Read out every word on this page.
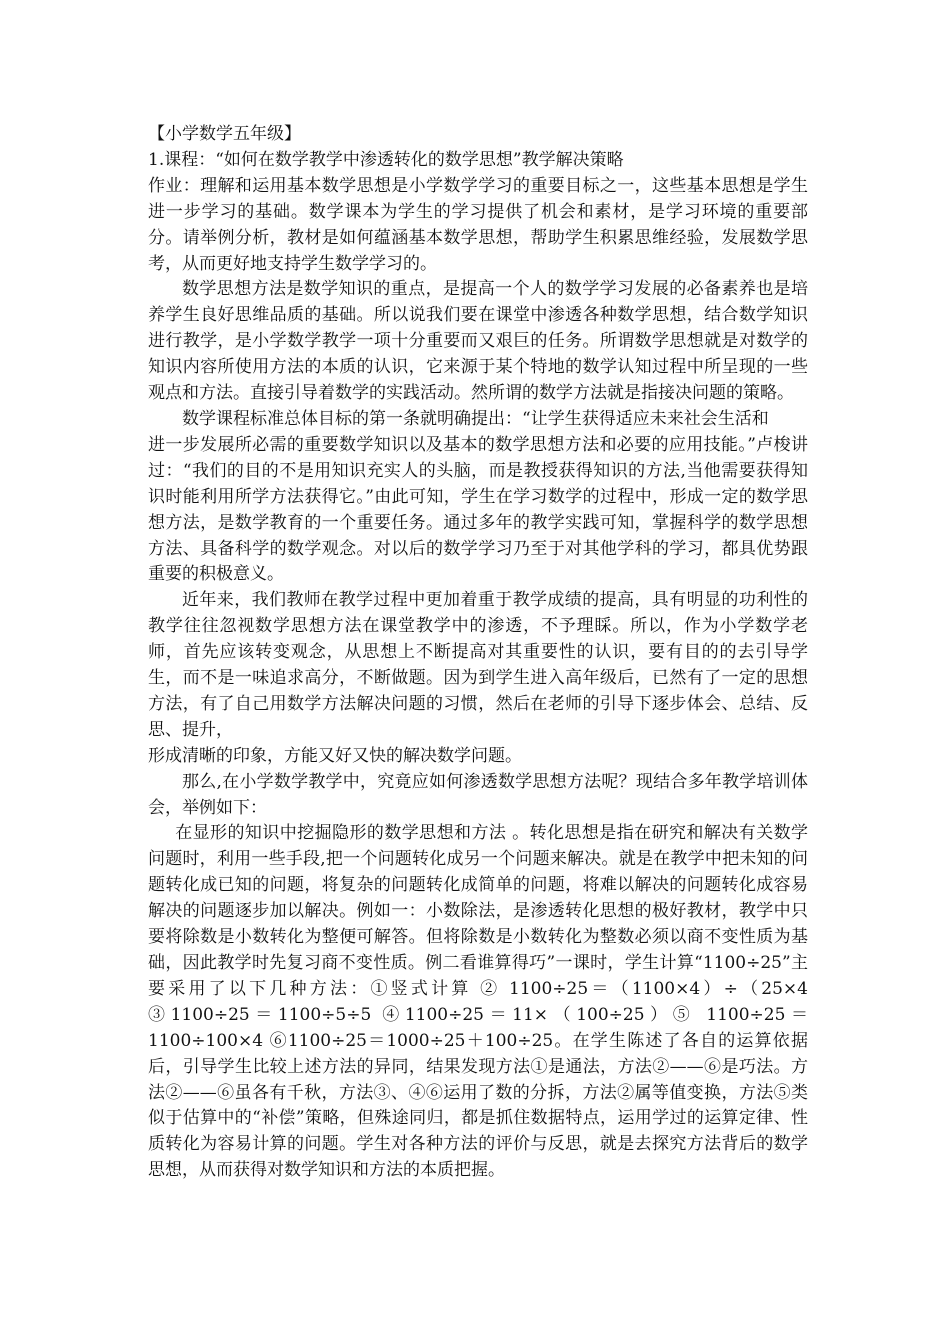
【小学数学五年级】
1.课程：“如何在数学教学中渗透转化的数学思想”教学解决策略

作业：理解和运用基本数学思想是小学数学学习的重要目标之一，这些基本思想是学生进一步学习的基础。数学课本为学生的学习提供了机会和素材，是学习环境的重要部分。请举例分析，教材是如何蕴涵基本数学思想，帮助学生积累思维经验，发展数学思考，从而更好地支持学生数学学习的。

数学思想方法是数学知识的重点，是提高一个人的数学学习发展的必备素养也是培养学生良好思维品质的基础。所以说我们要在课堂中渗透各种数学思想，结合数学知识进行教学，是小学数学教学一项十分重要而又艰巨的任务。所谓数学思想就是对数学的知识内容所使用方法的本质的认识，它来源于某个特地的数学认知过程中所呈现的一些观点和方法。直接引导着数学的实践活动。然所谓的数学方法就是指接决问题的策略。

数学课程标准总体目标的第一条就明确提出：“让学生获得适应未来社会生活和

进一步发展所必需的重要数学知识以及基本的数学思想方法和必要的应用技能。”卢梭讲过：“我们的目的不是用知识充实人的头脑，而是教授获得知识的方法,当他需要获得知识时能利用所学方法获得它。”由此可知，学生在学习数学的过程中，形成一定的数学思想方法，是数学教育的一个重要任务。通过多年的教学实践可知，掌握科学的数学思想方法、具备科学的数学观念。对以后的数学学习乃至于对其他学科的学习，都具优势跟重要的积极意义。

近年来，我们教师在教学过程中更加着重于教学成绩的提高，具有明显的功利性的教学往往忽视数学思想方法在课堂教学中的渗透，不予理睬。所以，作为小学数学老师，首先应该转变观念，从思想上不断提高对其重要性的认识，要有目的的去引导学生，而不是一味追求高分，不断做题。因为到学生进入高年级后，已然有了一定的思想方法，有了自己用数学方法解决问题的习惯，然后在老师的引导下逐步体会、总结、反思、提升，

形成清晰的印象，方能又好又快的解决数学问题。

那么,在小学数学教学中，究竟应如何渗透数学思想方法呢？现结合多年教学培训体会，举例如下：

在显形的知识中挖掘隐形的数学思想和方法 。转化思想是指在研究和解决有关数学问题时，利用一些手段,把一个问题转化成另一个问题来解决。就是在教学中把未知的问题转化成已知的问题，将复杂的问题转化成简单的问题，将难以解决的问题转化成容易解决的问题逐步加以解决。例如一：小数除法，是渗透转化思想的极好教材，教学中只要将除数是小数转化为整便可解答。但将除数是小数转化为整数必须以商不变性质为基础，因此教学时先复习商不变性质。例二看谁算得巧”一课时，学生计算“1100÷25”主要采用了以下几种方法：①竖式计算 ② 1100÷25＝（1100×4）÷（25×4 ③1100÷25＝1100÷5÷5 ④1100÷25＝11×（100÷25）⑤ 1100÷25＝1100÷100×4 ⑥1100÷25＝1000÷25＋100÷25。在学生陈述了各自的运算依据后，引导学生比较上述方法的异同，结果发现方法①是通法，方法②——⑥是巧法。方法②——⑥虽各有千秋，方法③、④⑥运用了数的分拆，方法②属等值变换，方法⑤类似于估算中的“补偿”策略，但殊途同归，都是抓住数据特点，运用学过的运算定律、性质转化为容易计算的问题。学生对各种方法的评价与反思，就是去探究方法背后的数学思想，从而获得对数学知识和方法的本质把握。
